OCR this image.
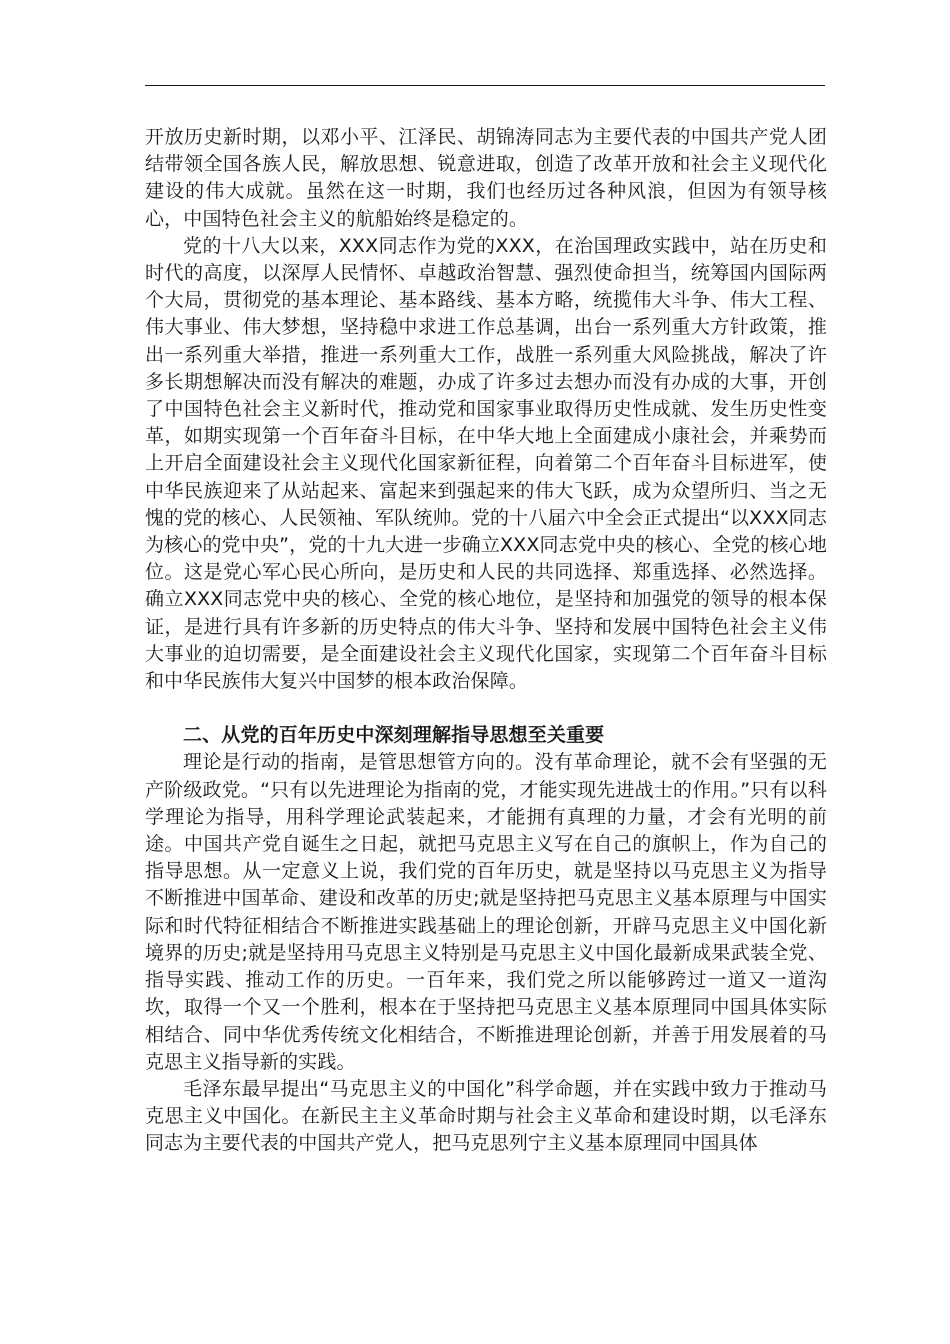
开放历史新时期，以邓小平、江泽民、胡锦涛同志为主要代表的中国共产党人团结带领全国各族人民，解放思想、锐意进取，创造了改革开放和社会主义现代化建设的伟大成就。虽然在这一时期，我们也经历过各种风浪，但因为有领导核心，中国特色社会主义的航船始终是稳定的。

党的十八大以来，XXX同志作为党的XXX，在治国理政实践中，站在历史和时代的高度，以深厚人民情怀、卓越政治智慧、强烈使命担当，统筹国内国际两个大局，贯彻党的基本理论、基本路线、基本方略，统揽伟大斗争、伟大工程、伟大事业、伟大梦想，坚持稳中求进工作总基调，出台一系列重大方针政策，推出一系列重大举措，推进一系列重大工作，战胜一系列重大风险挑战，解决了许多长期想解决而没有解决的难题，办成了许多过去想办而没有办成的大事，开创了中国特色社会主义新时代，推动党和国家事业取得历史性成就、发生历史性变革，如期实现第一个百年奋斗目标，在中华大地上全面建成小康社会，并乘势而上开启全面建设社会主义现代化国家新征程，向着第二个百年奋斗目标进军，使中华民族迎来了从站起来、富起来到强起来的伟大飞跃，成为众望所归、当之无愧的党的核心、人民领袖、军队统帅。党的十八届六中全会正式提出“以XXX同志为核心的党中央”，党的十九大进一步确立XXX同志党中央的核心、全党的核心地位。这是党心军心民心所向，是历史和人民的共同选择、郑重选择、必然选择。确立XXX同志党中央的核心、全党的核心地位，是坚持和加强党的领导的根本保证，是进行具有许多新的历史特点的伟大斗争、坚持和发展中国特色社会主义伟大事业的迫切需要，是全面建设社会主义现代化国家，实现第二个百年奋斗目标和中华民族伟大复兴中国梦的根本政治保障。

二、从党的百年历史中深刻理解指导思想至关重要

理论是行动的指南，是管思想管方向的。没有革命理论，就不会有坚强的无产阶级政党。“只有以先进理论为指南的党，才能实现先进战士的作用。”只有以科学理论为指导，用科学理论武装起来，才能拥有真理的力量，才会有光明的前途。中国共产党自诞生之日起，就把马克思主义写在自己的旗帜上，作为自己的指导思想。从一定意义上说，我们党的百年历史，就是坚持以马克思主义为指导不断推进中国革命、建设和改革的历史;就是坚持把马克思主义基本原理与中国实际和时代特征相结合不断推进实践基础上的理论创新，开辟马克思主义中国化新境界的历史;就是坚持用马克思主义特别是马克思主义中国化最新成果武装全党、指导实践、推动工作的历史。一百年来，我们党之所以能够跨过一道又一道沟坎，取得一个又一个胜利，根本在于坚持把马克思主义基本原理同中国具体实际相结合、同中华优秀传统文化相结合，不断推进理论创新，并善于用发展着的马克思主义指导新的实践。

毛泽东最早提出“马克思主义的中国化”科学命题，并在实践中致力于推动马克思主义中国化。在新民主主义革命时期与社会主义革命和建设时期，以毛泽东同志为主要代表的中国共产党人，把马克思列宁主义基本原理同中国具体
